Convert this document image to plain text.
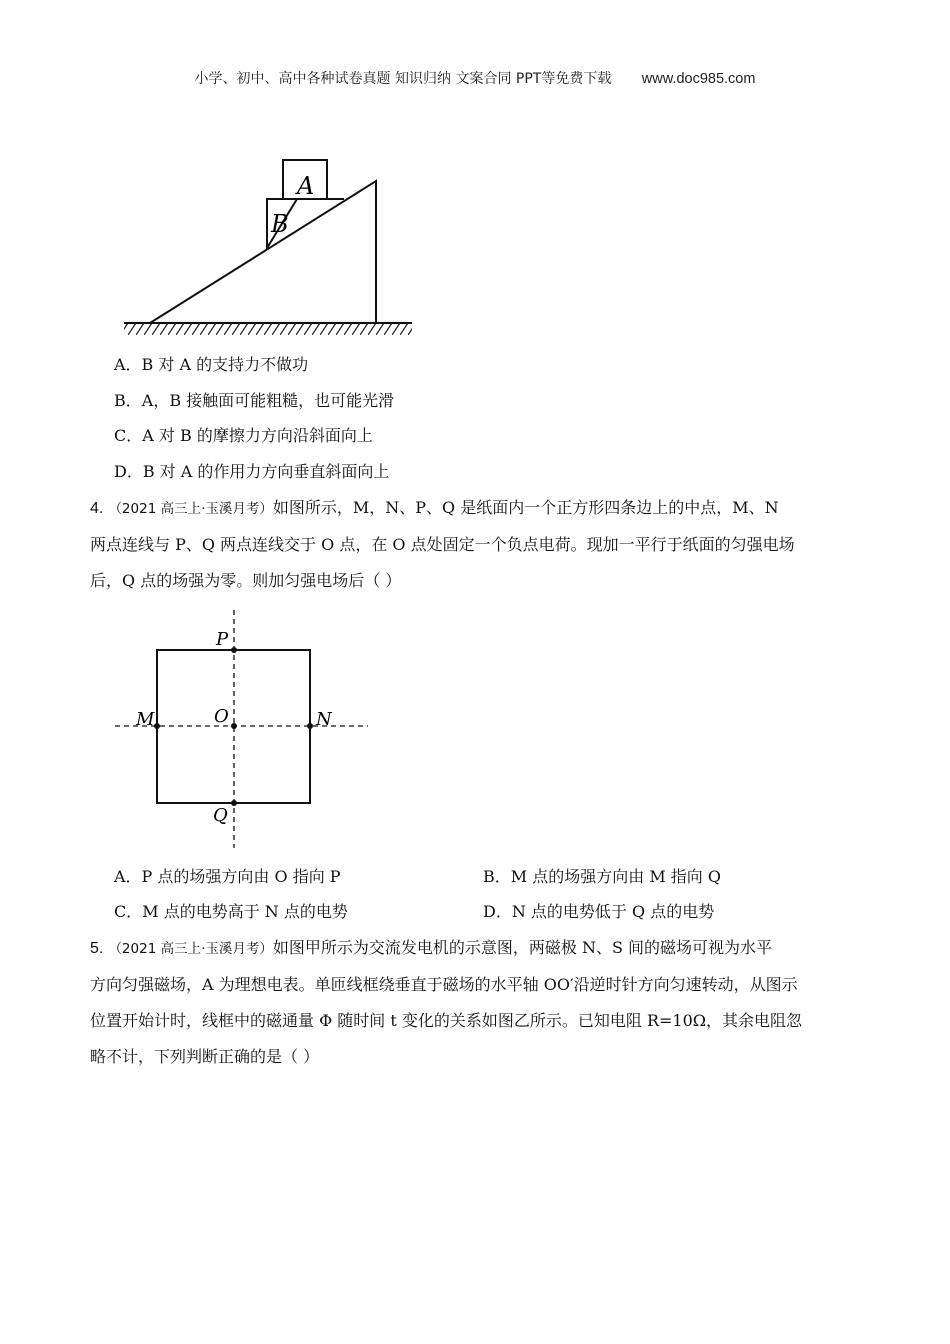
小学、初中、高中各种试卷真题 知识归纳 文案合同 PPT等免费下载 www.doc985.com
A
B
A．B 对 A 的支持力不做功
B．A，B 接触面可能粗糙，也可能光滑
C．A 对 B 的摩擦力方向沿斜面向上
D．B 对 A 的作用力方向垂直斜面向上
4. （2021 高三上·玉溪月考）如图所示，M，N、P、Q 是纸面内一个正方形四条边上的中点，M、N
两点连线与 P、Q 两点连线交于 O 点，在 O 点处固定一个负点电荷。现加一平行于纸面的匀强电场
后，Q 点的场强为零。则加匀强电场后（ ）
P
M	O	N
Q
A．P 点的场强方向由 O 指向 P	B．M 点的场强方向由 M 指向 Q
C．M 点的电势高于 N 点的电势	D．N 点的电势低于 Q 点的电势
5. （2021 高三上·玉溪月考）如图甲所示为交流发电机的示意图，两磁极 N、S 间的磁场可视为水平
方向匀强磁场，A 为理想电表。单匝线框绕垂直于磁场的水平轴 OO′沿逆时针方向匀速转动，从图示
位置开始计时，线框中的磁通量 Φ 随时间 t 变化的关系如图乙所示。已知电阻 R=10Ω，其余电阻忽
略不计，下列判断正确的是（ ）
